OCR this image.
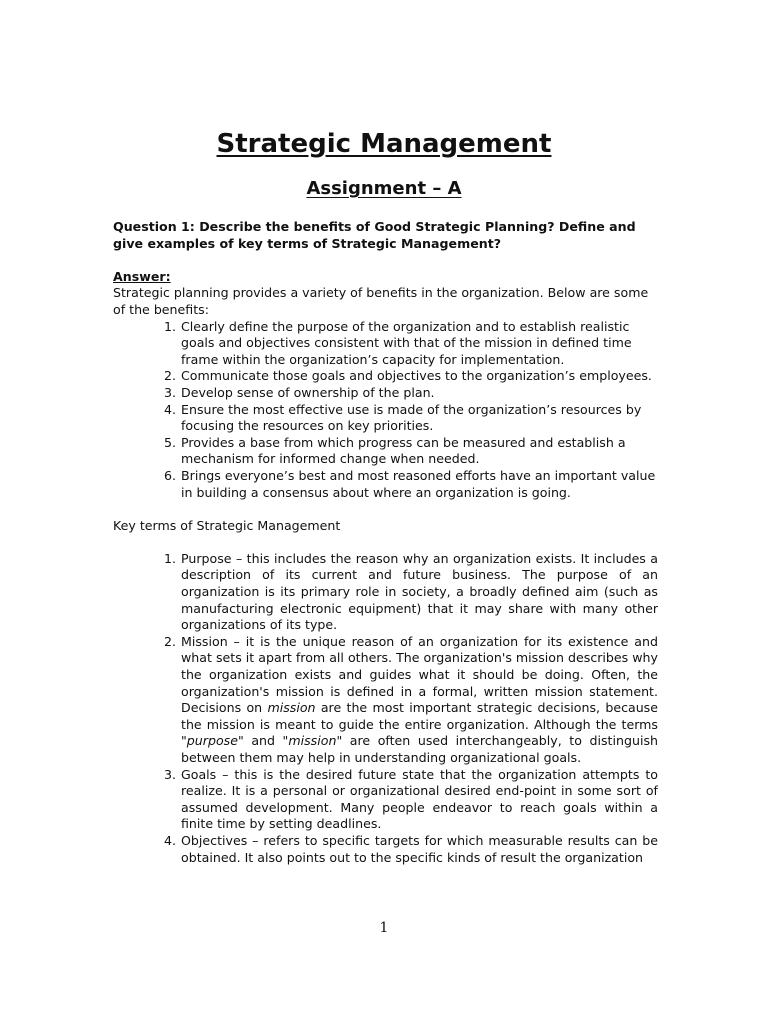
Strategic Management
Assignment – A

Question 1: Describe the benefits of Good Strategic Planning? Define and give examples of key terms of Strategic Management?

Answer:

Strategic planning provides a variety of benefits in the organization. Below are some of the benefits:

1. Clearly define the purpose of the organization and to establish realistic goals and objectives consistent with that of the mission in defined time frame within the organization’s capacity for implementation.
2. Communicate those goals and objectives to the organization’s employees.
3. Develop sense of ownership of the plan.
4. Ensure the most effective use is made of the organization’s resources by focusing the resources on key priorities.
5. Provides a base from which progress can be measured and establish a mechanism for informed change when needed.
6. Brings everyone’s best and most reasoned efforts have an important value in building a consensus about where an organization is going.

Key terms of Strategic Management

1. Purpose – this includes the reason why an organization exists. It includes a description of its current and future business. The purpose of an organization is its primary role in society, a broadly defined aim (such as manufacturing electronic equipment) that it may share with many other organizations of its type.
2. Mission – it is the unique reason of an organization for its existence and what sets it apart from all others. The organization's mission describes why the organization exists and guides what it should be doing. Often, the organization's mission is defined in a formal, written mission statement. Decisions on mission are the most important strategic decisions, because the mission is meant to guide the entire organization. Although the terms "purpose" and "mission" are often used interchangeably, to distinguish between them may help in understanding organizational goals.
3. Goals – this is the desired future state that the organization attempts to realize. It is a personal or organizational desired end-point in some sort of assumed development. Many people endeavor to reach goals within a finite time by setting deadlines.
4. Objectives – refers to specific targets for which measurable results can be obtained. It also points out to the specific kinds of result the organization
1
